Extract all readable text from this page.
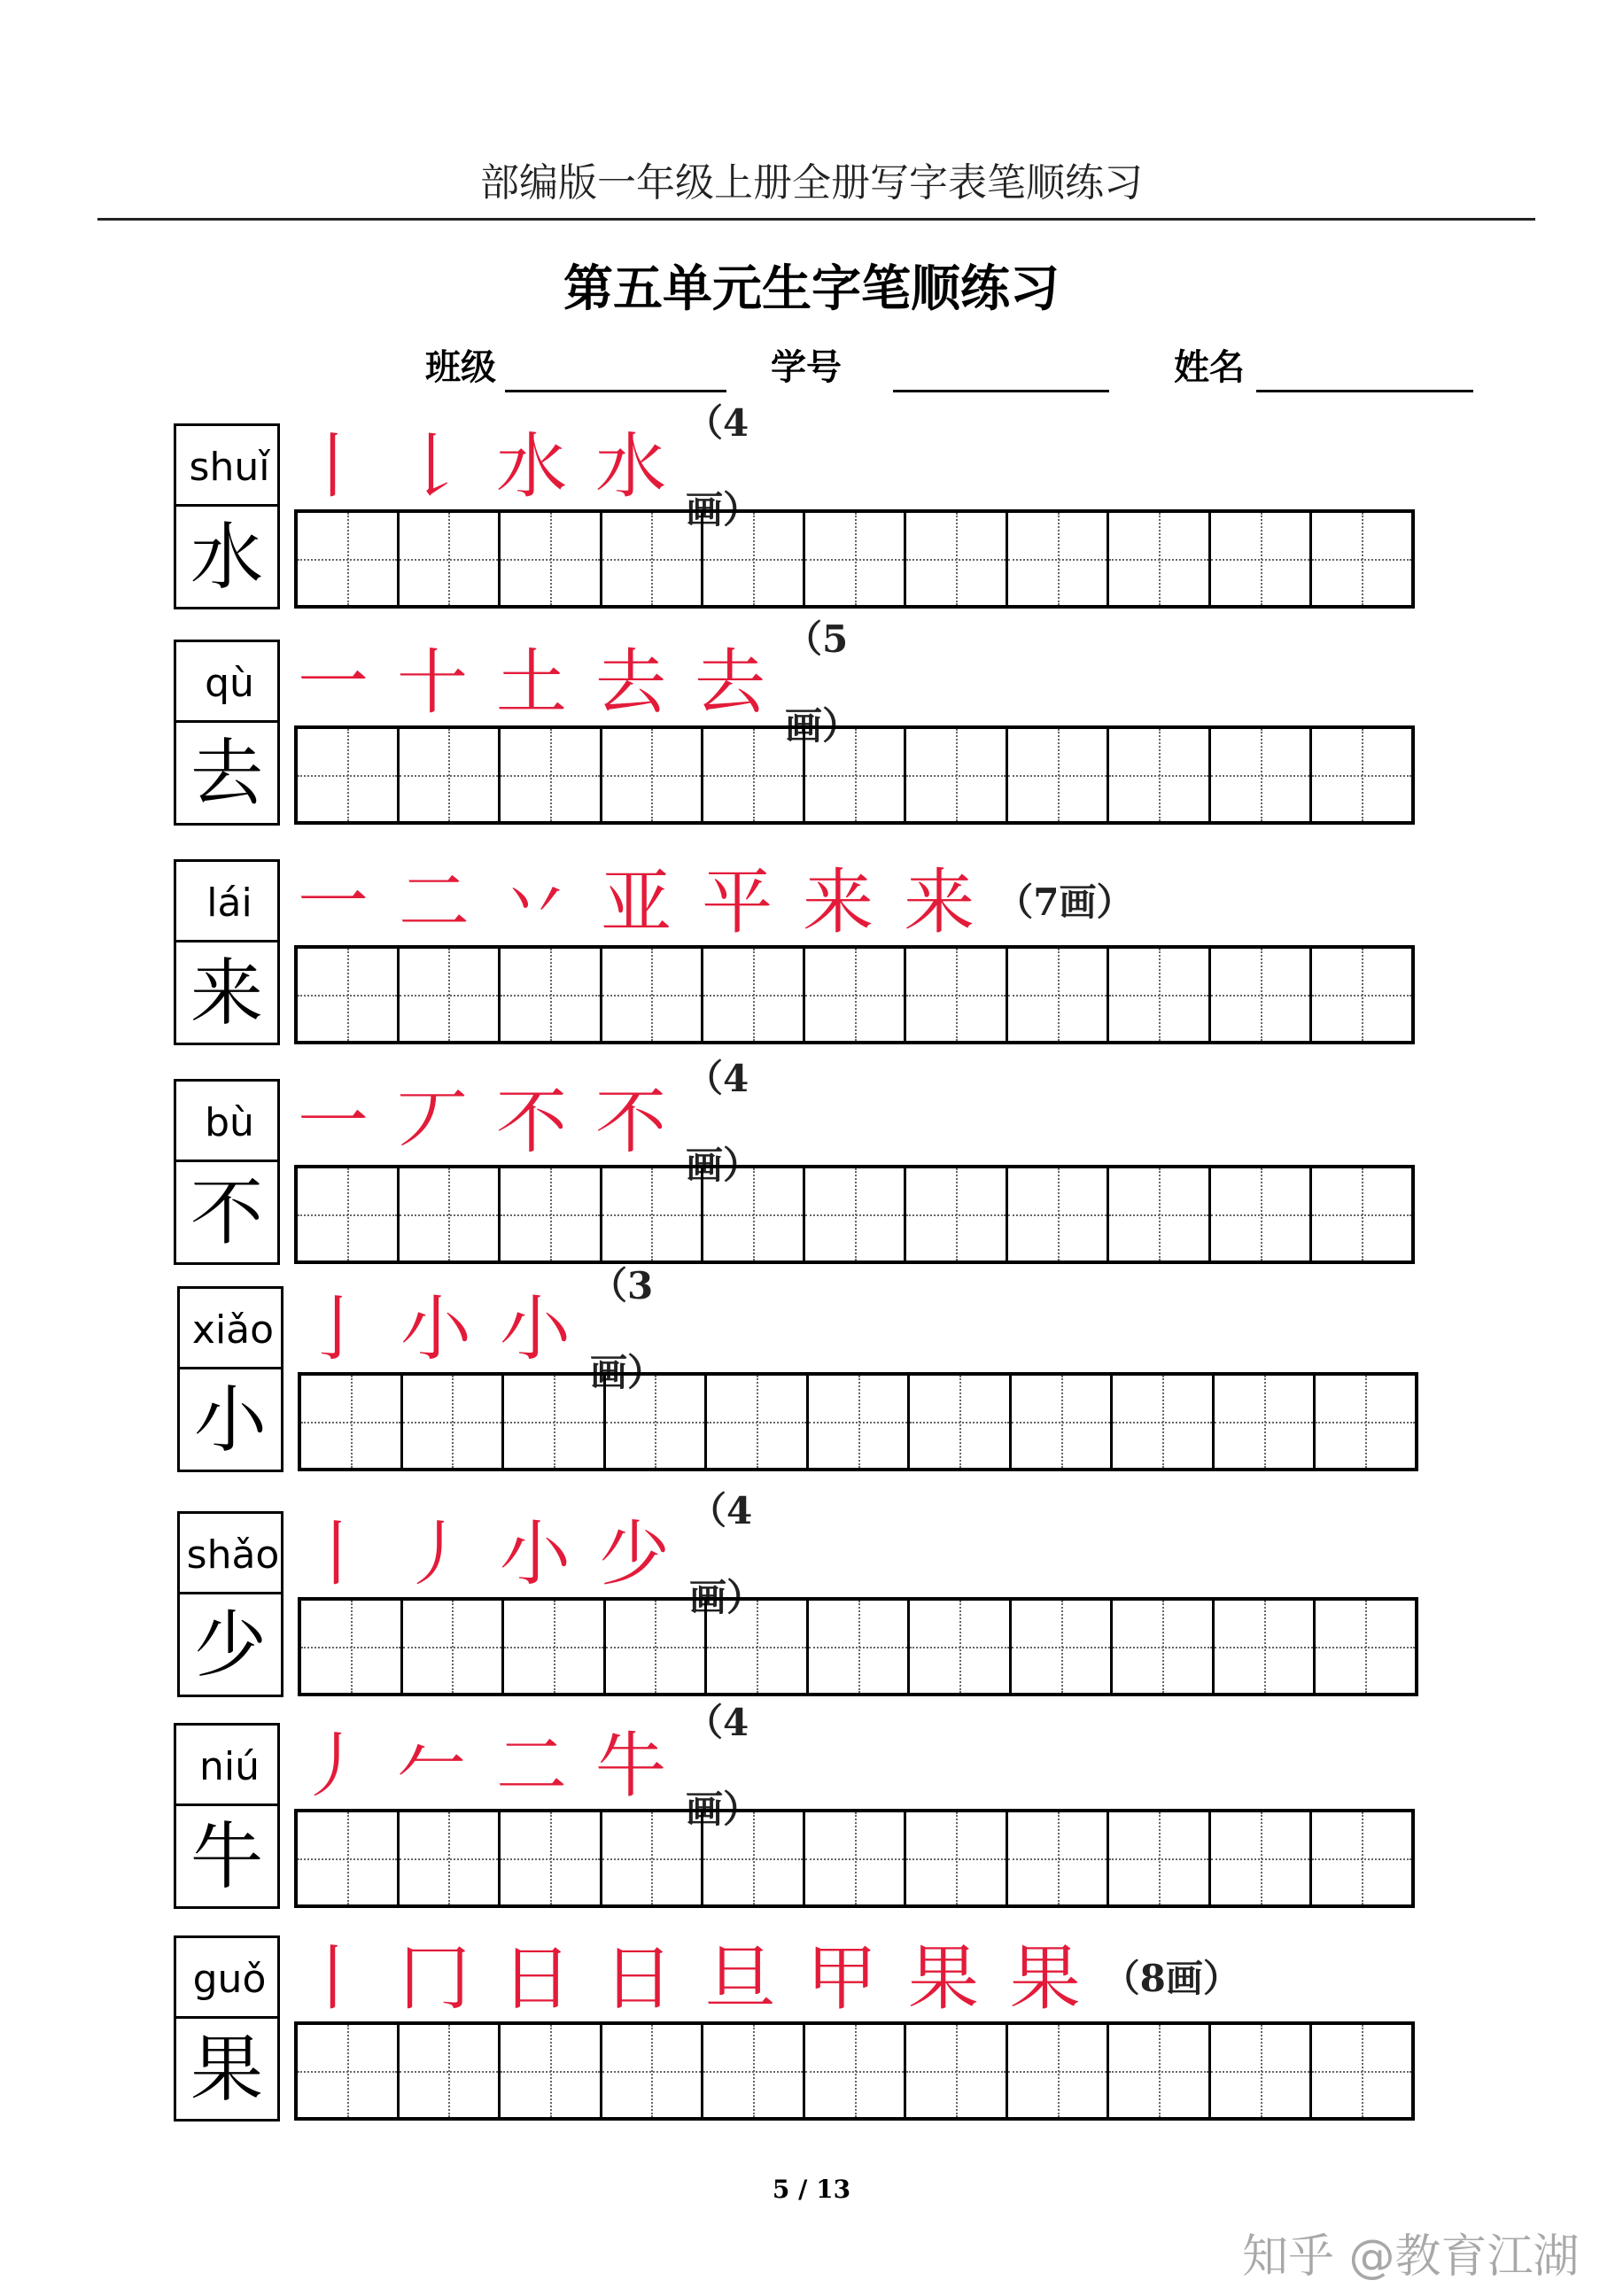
部编版一年级上册全册写字表笔顺练习
第五单元生字笔顺练习
班级	学号	姓名
shuǐ
水
丨 𠄌 水 水
（4画）
qù
去
一 十 土 去 去
（5画）
lái
来
一 二 丷 亚 平 来 来 （7画）
bù
不
一 丆 不 不
（4画）
xiǎo
小
亅 小 小
（3画）
shǎo
少
丨 丿 小 少
（4画）
niú
牛
丿 𠂉 二 牛
（4画）
guǒ
果
丨 冂 日 日 旦 甲 果 果 （8画）
5 / 13
知乎 @教育江湖
